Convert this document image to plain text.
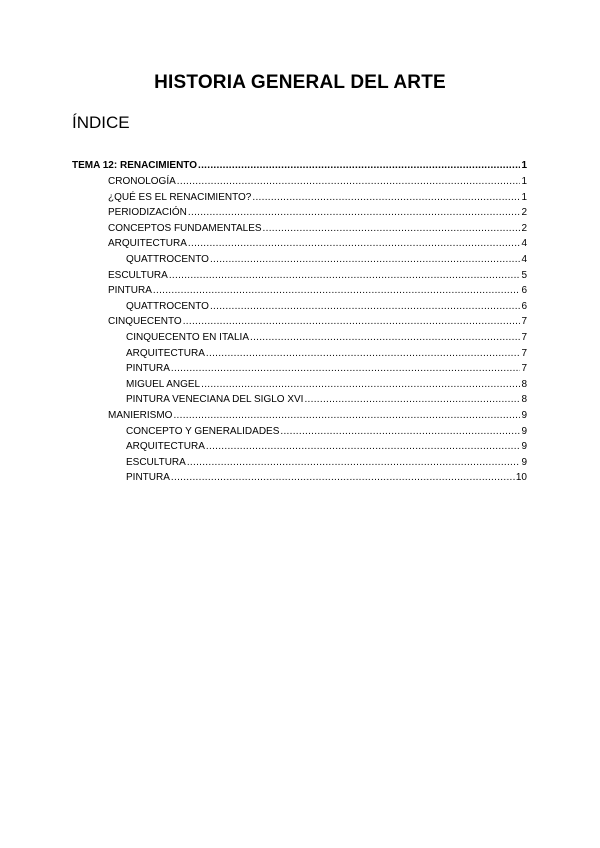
HISTORIA GENERAL DEL ARTE
ÍNDICE
TEMA 12: RENACIMIENTO .....	1
CRONOLOGÍA .....	1
¿QUÉ ES EL RENACIMIENTO? .....	1
PERIODIZACIÓN .....	2
CONCEPTOS FUNDAMENTALES .....	2
ARQUITECTURA .....	4
QUATTROCENTO .....	4
ESCULTURA .....	5
PINTURA .....	6
QUATTROCENTO .....	6
CINQUECENTO .....	7
CINQUECENTO EN ITALIA .....	7
ARQUITECTURA .....	7
PINTURA .....	7
MIGUEL ANGEL .....	8
PINTURA VENECIANA DEL SIGLO XVI .....	8
MANIERISMO .....	9
CONCEPTO Y GENERALIDADES .....	9
ARQUITECTURA .....	9
ESCULTURA .....	9
PINTURA .....	10
